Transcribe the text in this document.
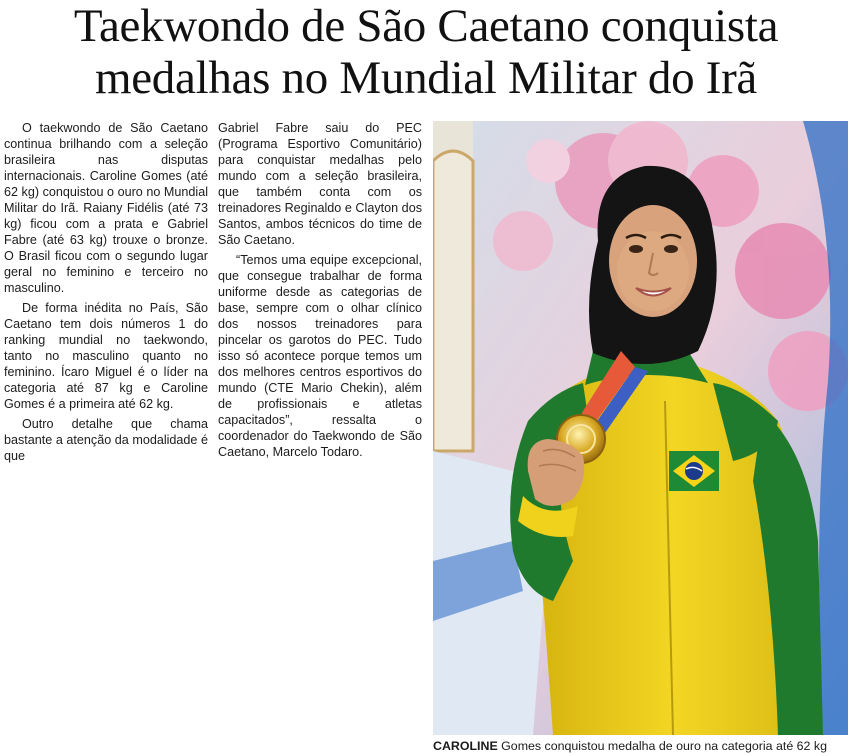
Taekwondo de São Caetano conquista
medalhas no Mundial Militar do Irã

O taekwondo de São Caetano continua brilhando com a seleção brasileira nas disputas internacionais. Caroline Gomes (até 62 kg) conquistou o ouro no Mundial Militar do Irã. Raiany Fidélis (até 73 kg) ficou com a prata e Gabriel Fabre (até 63 kg) trouxe o bronze. O Brasil ficou com o segundo lugar geral no feminino e terceiro no masculino.

De forma inédita no País, São Caetano tem dois números 1 do ranking mundial no taekwondo, tanto no masculino quanto no feminino. Ícaro Miguel é o líder na categoria até 87 kg e Caroline Gomes é a primeira até 62 kg.

Outro detalhe que chama bastante a atenção da modalidade é que

Gabriel Fabre saiu do PEC (Programa Esportivo Comunitário) para conquistar medalhas pelo mundo com a seleção brasileira, que também conta com os treinadores Reginaldo e Clayton dos Santos, ambos técnicos do time de São Caetano.

“Temos uma equipe excepcional, que consegue trabalhar de forma uniforme desde as categorias de base, sempre com o olhar clínico dos nossos treinadores para pincelar os garotos do PEC. Tudo isso só acontece porque temos um dos melhores centros esportivos do mundo (CTE Mario Chekin), além de profissionais e atletas capacitados”, ressalta o coordenador do Taekwondo de São Caetano, Marcelo Todaro.

CAROLINE Gomes conquistou medalha de ouro na categoria até 62 kg
